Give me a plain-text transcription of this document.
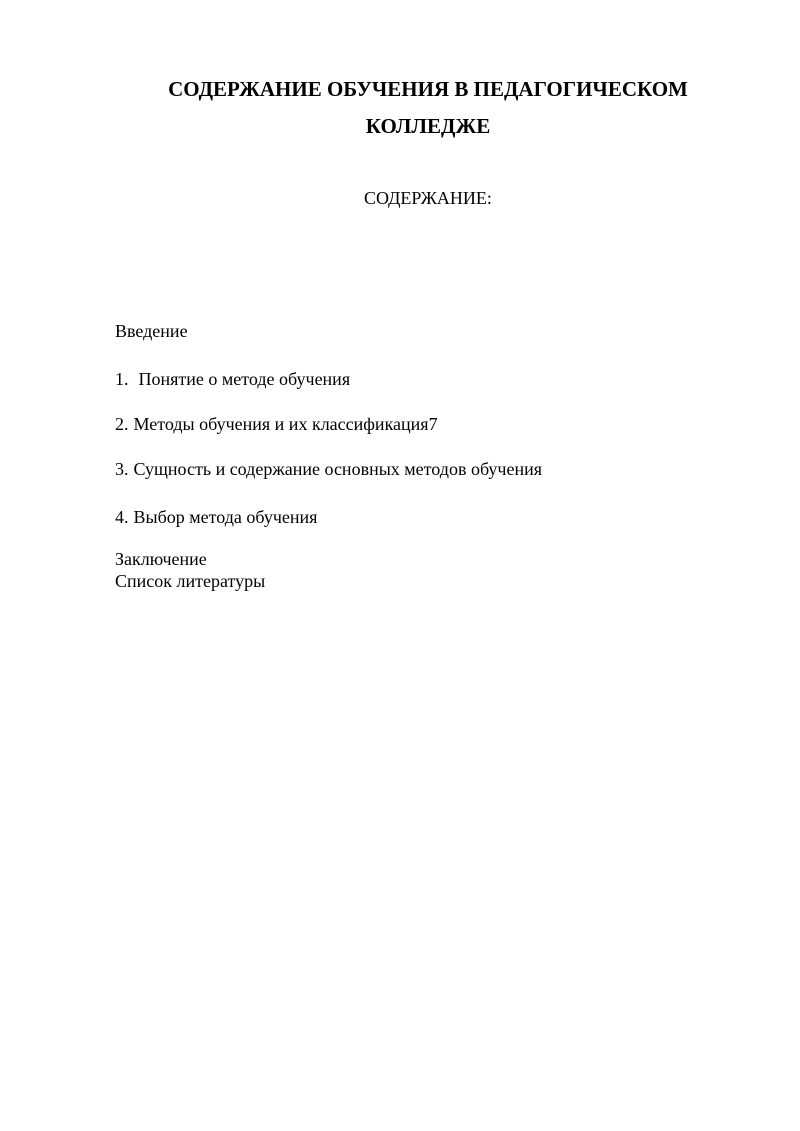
СОДЕРЖАНИЕ ОБУЧЕНИЯ В ПЕДАГОГИЧЕСКОМ
КОЛЛЕДЖЕ
СОДЕРЖАНИЕ:
Введение
1. Понятие о методе обучения
2. Методы обучения и их классификация7
3. Сущность и содержание основных методов обучения
4. Выбор метода обучения
Заключение
Список литературы
